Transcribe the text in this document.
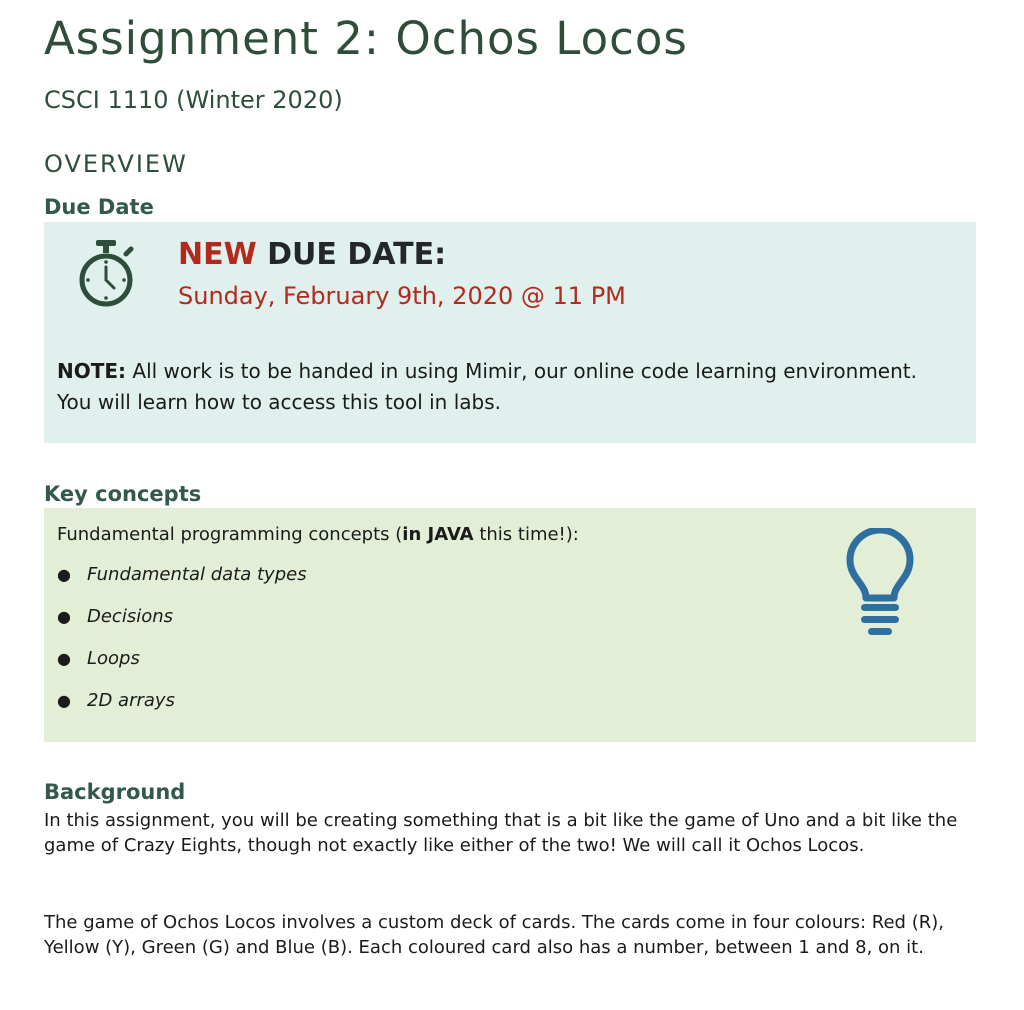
Assignment 2: Ochos Locos
CSCI 1110 (Winter 2020)
OVERVIEW
Due Date
NEW DUE DATE:
Sunday, February 9th, 2020 @ 11 PM

NOTE: All work is to be handed in using Mimir, our online code learning environment. You will learn how to access this tool in labs.

Key concepts

Fundamental programming concepts (in JAVA this time!):

● Fundamental data types
● Decisions
● Loops
● 2D arrays
Background

In this assignment, you will be creating something that is a bit like the game of Uno and a bit like the game of Crazy Eights, though not exactly like either of the two! We will call it Ochos Locos.

The game of Ochos Locos involves a custom deck of cards. The cards come in four colours: Red (R), Yellow (Y), Green (G) and Blue (B). Each coloured card also has a number, between 1 and 8, on it.
